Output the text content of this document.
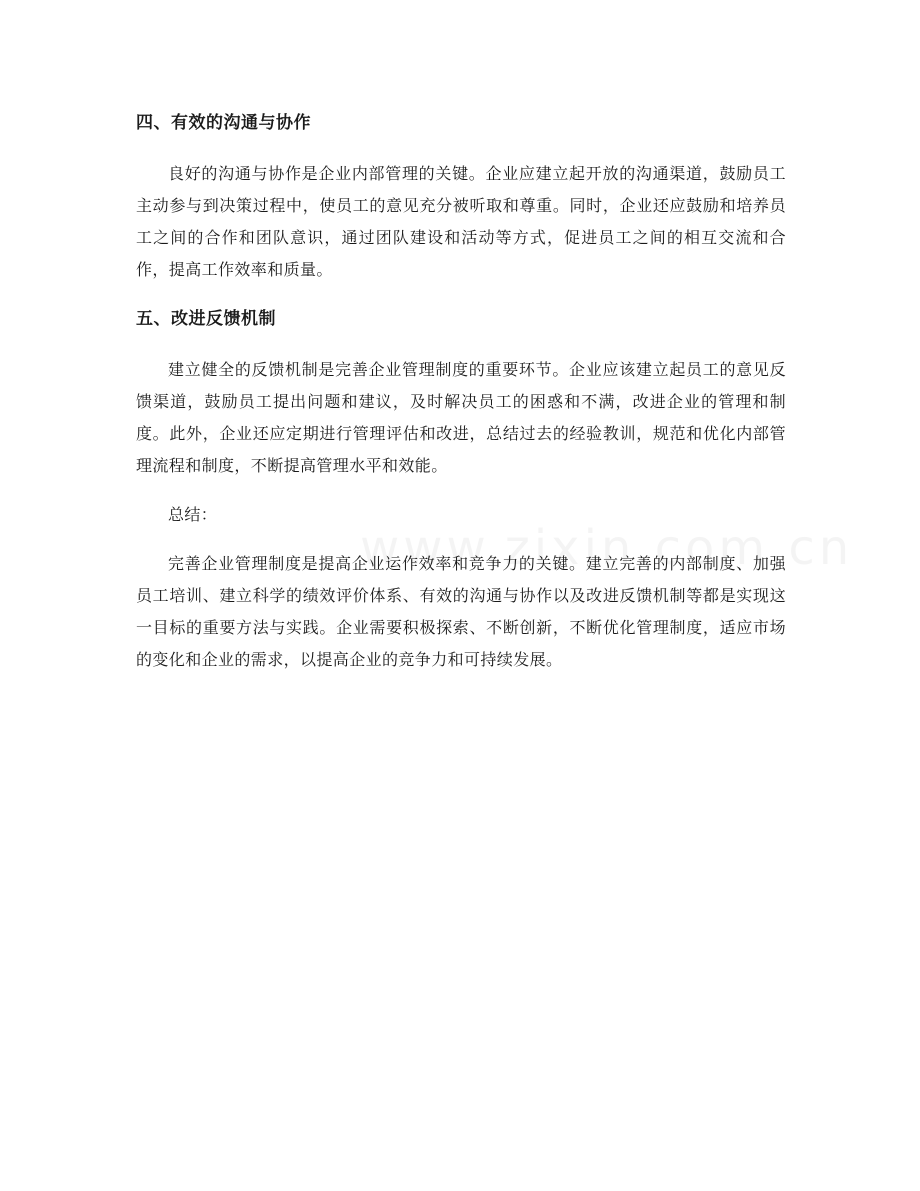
四、有效的沟通与协作

良好的沟通与协作是企业内部管理的关键。企业应建立起开放的沟通渠道，鼓励员工主动参与到决策过程中，使员工的意见充分被听取和尊重。同时，企业还应鼓励和培养员工之间的合作和团队意识，通过团队建设和活动等方式，促进员工之间的相互交流和合作，提高工作效率和质量。

五、改进反馈机制

建立健全的反馈机制是完善企业管理制度的重要环节。企业应该建立起员工的意见反馈渠道，鼓励员工提出问题和建议，及时解决员工的困惑和不满，改进企业的管理和制度。此外，企业还应定期进行管理评估和改进，总结过去的经验教训，规范和优化内部管理流程和制度，不断提高管理水平和效能。

总结：

完善企业管理制度是提高企业运作效率和竞争力的关键。建立完善的内部制度、加强员工培训、建立科学的绩效评价体系、有效的沟通与协作以及改进反馈机制等都是实现这一目标的重要方法与实践。企业需要积极探索、不断创新，不断优化管理制度，适应市场的变化和企业的需求，以提高企业的竞争力和可持续发展。
